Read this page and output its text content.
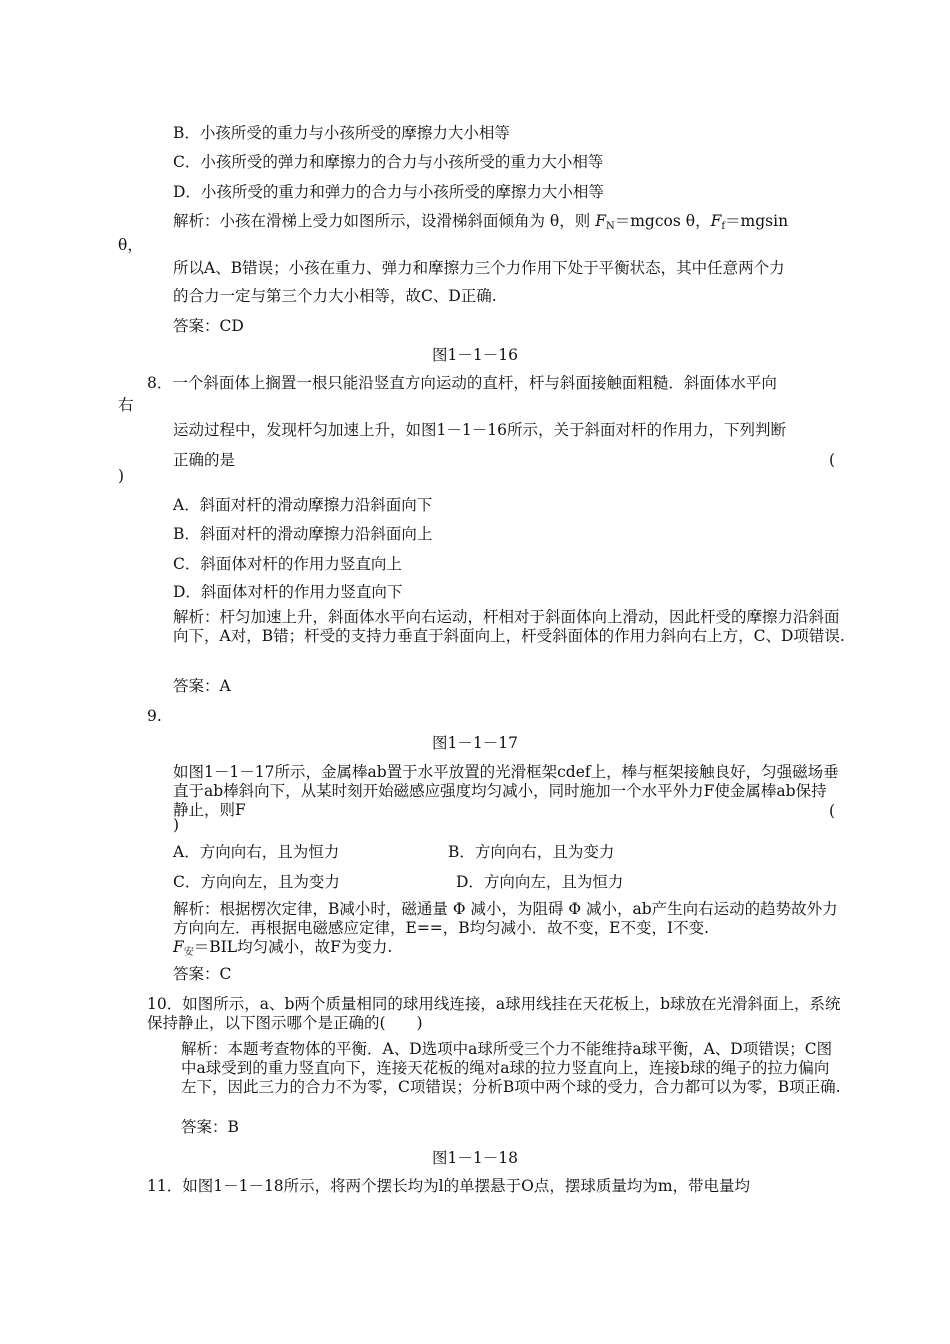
B．小孩所受的重力与小孩所受的摩擦力大小相等
C．小孩所受的弹力和摩擦力的合力与小孩所受的重力大小相等
D．小孩所受的重力和弹力的合力与小孩所受的摩擦力大小相等
解析：小孩在滑梯上受力如图所示，设滑梯斜面倾角为 θ，则 $F_N=mgcos$ θ，$F_f=mgsin$
θ，
所以A、B错误；小孩在重力、弹力和摩擦力三个力作用下处于平衡状态，其中任意两个力
的合力一定与第三个力大小相等，故C、D正确.
答案：CD
图1－1－16
8．一个斜面体上搁置一根只能沿竖直方向运动的直杆，杆与斜面接触面粗糙．斜面体水平向
右
运动过程中，发现杆匀加速上升，如图1－1－16所示，关于斜面对杆的作用力，下列判断
正确的是	(
)
A．斜面对杆的滑动摩擦力沿斜面向下
B．斜面对杆的滑动摩擦力沿斜面向上
C．斜面体对杆的作用力竖直向上
D．斜面体对杆的作用力竖直向下
解析：杆匀加速上升，斜面体水平向右运动，杆相对于斜面体向上滑动，因此杆受的摩擦力沿斜面向下，A对，B错；杆受的支持力垂直于斜面向上，杆受斜面体的作用力斜向右上方，C、D项错误.
答案：A
9.
图1－1－17
如图1－1－17所示，金属棒ab置于水平放置的光滑框架cdef上，棒与框架接触良好，匀强磁场垂直于ab棒斜向下，从某时刻开始磁感应强度均匀减小，同时施加一个水平外力F使金属棒ab保持静止，则F	(
)
A．方向向右，且为恒力	B．方向向右，且为变力
C．方向向左，且为变力	D．方向向左，且为恒力
解析：根据楞次定律，B减小时，磁通量 Φ 减小，为阻碍 Φ 减小，ab产生向右运动的趋势故外力方向向左．再根据电磁感应定律，E==，B均匀减小．故不变，E不变，I不变.
$F_安=BIL$均匀减小，故F为变力.
答案：C
10．如图所示，a、b两个质量相同的球用线连接，a球用线挂在天花板上，b球放在光滑斜面上，系统保持静止，以下图示哪个是正确的(　　)
解析：本题考查物体的平衡．A、D选项中a球所受三个力不能维持a球平衡，A、D项错误；C图中a球受到的重力竖直向下，连接天花板的绳对a球的拉力竖直向上，连接b球的绳子的拉力偏向左下，因此三力的合力不为零，C项错误；分析B项中两个球的受力，合力都可以为零，B项正确.
答案：B
图1－1－18
11．如图1－1－18所示，将两个摆长均为l的单摆悬于O点，摆球质量均为m，带电量均
